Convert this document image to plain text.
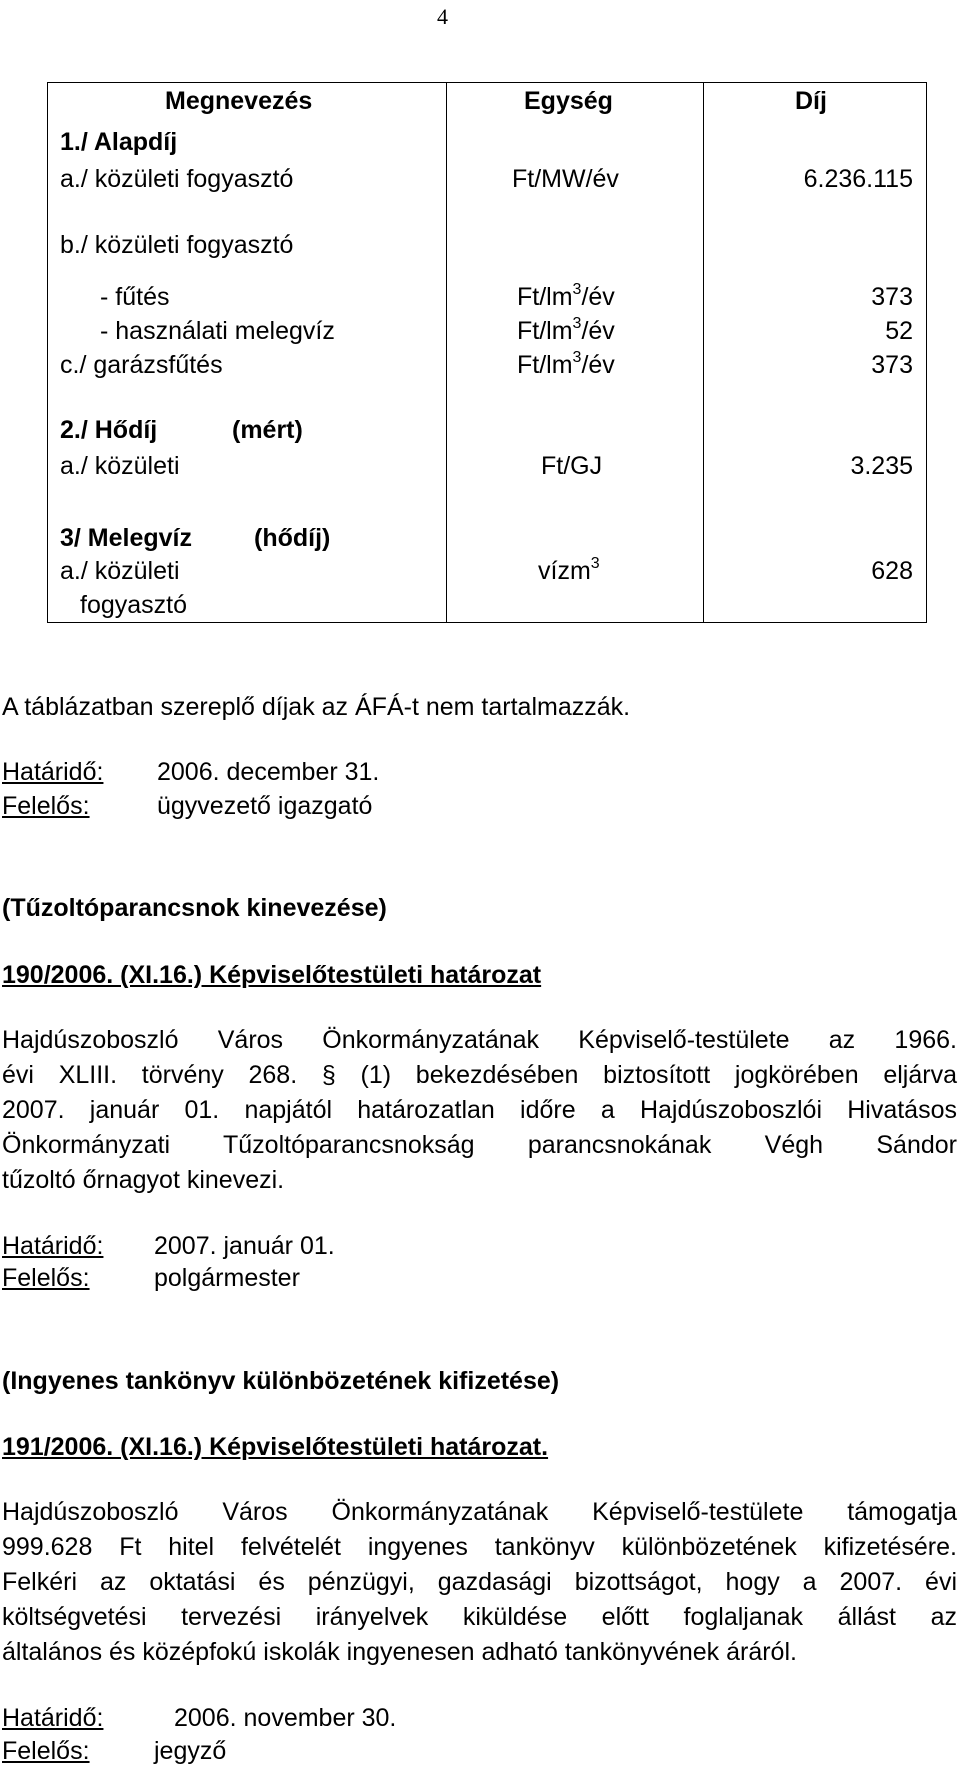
4
Megnevezés	Egység	Díj
1./ Alapdíj
a./ közületi fogyasztó	Ft/MW/év	6.236.115
b./ közületi fogyasztó
- fűtés	$Ft/lm^3/év$	373
- használati melegvíz	$Ft/lm^3/év$	52
c./ garázsfűtés	$Ft/lm^3/év$	373
2./ Hődíj	(mért)
a./ közületi	Ft/GJ	3.235
3/ Melegvíz (hődíj)
a./ közületi
fogyasztó
vízm$^3$	628
A táblázatban szereplő díjak az ÁFÁ-t nem tartalmazzák.
Határidő: 2006. december 31.
Felelős:	ügyvezető igazgató
(Tűzoltóparancsnok kinevezése)
190/2006. (XI.16.) Képviselőtestületi határozat
Hajdúszoboszló Város Önkormányzatának Képviselő-testülete az 1966.
évi XLIII. törvény 268. § (1) bekezdésében biztosított jogkörében eljárva
2007. január 01. napjától határozatlan időre a Hajdúszoboszlói Hivatásos
Önkormányzati Tűzoltóparancsnokság parancsnokának Végh Sándor
tűzoltó őrnagyot kinevezi.
Határidő: 2007. január 01.
Felelős:	polgármester
(Ingyenes tankönyv különbözetének kifizetése)
191/2006. (XI.16.) Képviselőtestületi határozat.
Hajdúszoboszló Város Önkormányzatának Képviselő-testülete támogatja
999.628 Ft hitel felvételét ingyenes tankönyv különbözetének kifizetésére.
Felkéri az oktatási és pénzügyi, gazdasági bizottságot, hogy a 2007. évi
költségvetési tervezési irányelvek kiküldése előtt foglaljanak állást az
általános és középfokú iskolák ingyenesen adható tankönyvének áráról.
Határidő:	2006. november 30.
Felelős:	jegyző
